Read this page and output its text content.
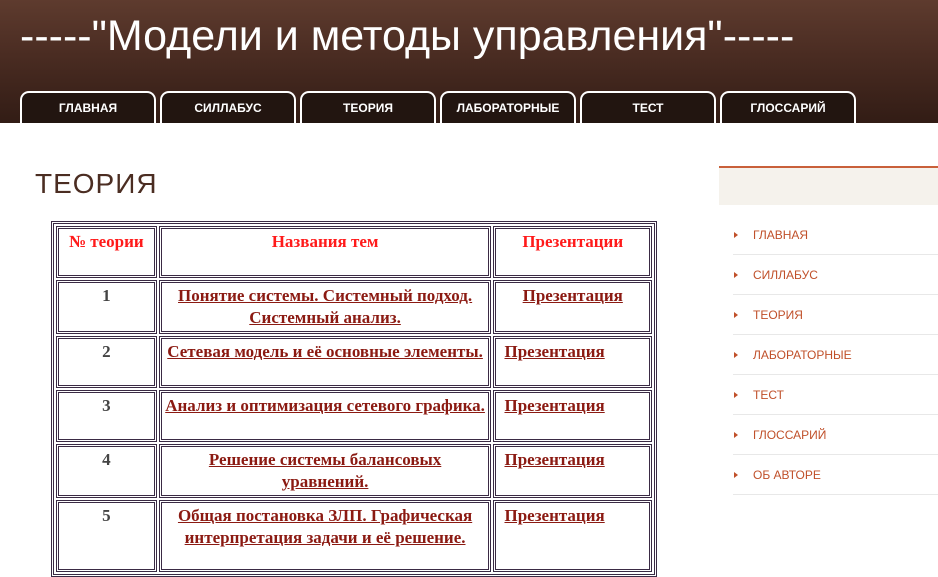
-----"Модели и методы управления"-----
ГЛАВНАЯ	СИЛЛАБУС	ТЕОРИЯ	ЛАБОРАТОРНЫЕ	ТЕСТ	ГЛОССАРИЙ
ТЕОРИЯ
№ теории	Названия тем	Презентации
1	Понятие системы. Системный подход. Системный анализ.	Презентация

2	Сетевая модель и её основные элементы.	Презентация

3	Анализ и оптимизация сетевого графика.	Презентация

4	Решение системы балансовых уравнений.	Презентация

5	Общая постановка ЗЛП. Графическая интерпретация задачи и её решение.	Презентация
ГЛАВНАЯ
СИЛЛАБУС
ТЕОРИЯ
ЛАБОРАТОРНЫЕ
ТЕСТ
ГЛОССАРИЙ
ОБ АВТОРЕ
